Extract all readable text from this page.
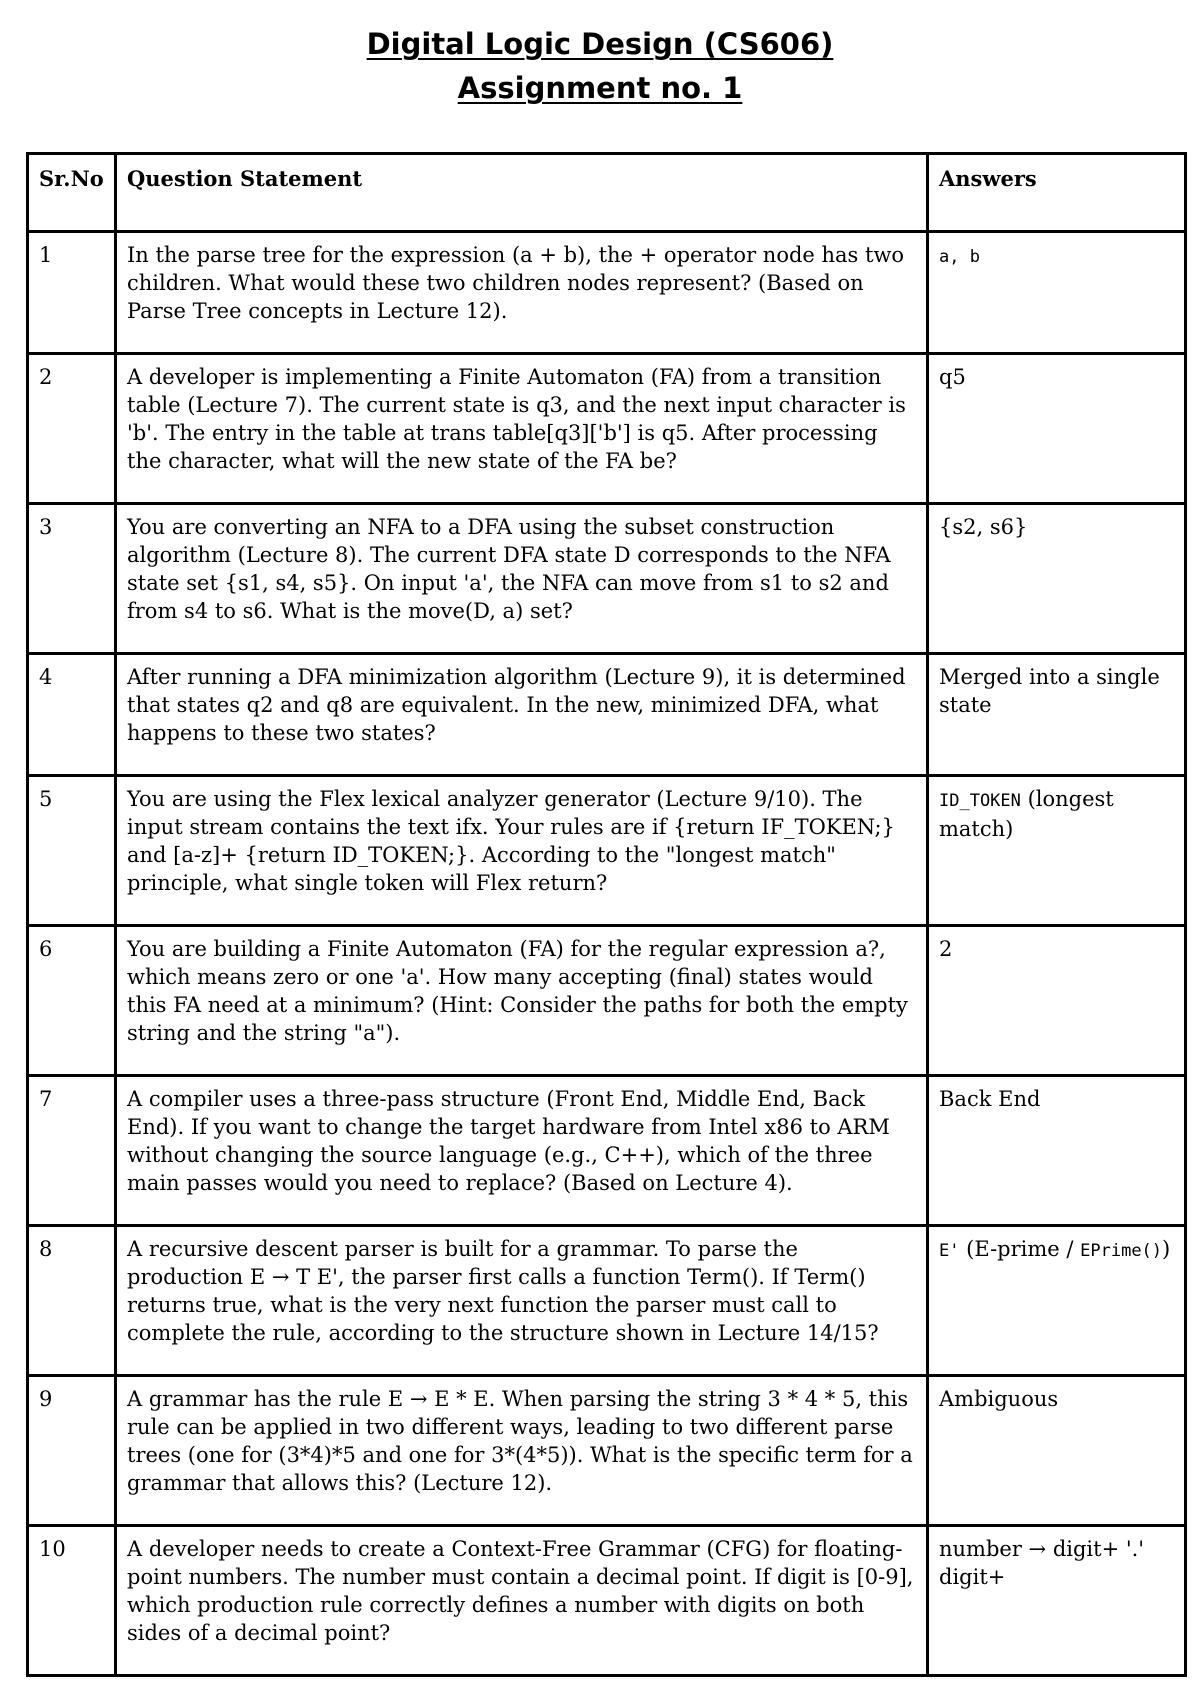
Digital Logic Design (CS606)
Assignment no. 1
Sr.No	Question Statement	Answers
1	In the parse tree for the expression (a + b), the + operator node has two children. What would these two children nodes represent? (Based on Parse Tree concepts in Lecture 12).	a, b
2	A developer is implementing a Finite Automaton (FA) from a transition table (Lecture 7). The current state is q3, and the next input character is 'b'. The entry in the table at trans table[q3]['b'] is q5. After processing the character, what will the new state of the FA be?	q5
3	You are converting an NFA to a DFA using the subset construction algorithm (Lecture 8). The current DFA state D corresponds to the NFA state set {s1, s4, s5}. On input 'a', the NFA can move from s1 to s2 and from s4 to s6. What is the move(D, a) set?	{s2, s6}
4	After running a DFA minimization algorithm (Lecture 9), it is determined that states q2 and q8 are equivalent. In the new, minimized DFA, what happens to these two states?	Merged into a single state
5	You are using the Flex lexical analyzer generator (Lecture 9/10). The input stream contains the text ifx. Your rules are if {return IF_TOKEN;} and [a-z]+ {return ID_TOKEN;}. According to the "longest match" principle, what single token will Flex return?	ID_TOKEN (longest match)
6	You are building a Finite Automaton (FA) for the regular expression a?, which means zero or one 'a'. How many accepting (final) states would this FA need at a minimum? (Hint: Consider the paths for both the empty string and the string "a").	2
7	A compiler uses a three-pass structure (Front End, Middle End, Back End). If you want to change the target hardware from Intel x86 to ARM without changing the source language (e.g., C++), which of the three main passes would you need to replace? (Based on Lecture 4).	Back End
8	A recursive descent parser is built for a grammar. To parse the production E → T E', the parser first calls a function Term(). If Term() returns true, what is the very next function the parser must call to complete the rule, according to the structure shown in Lecture 14/15?	E' (E-prime / EPrime())
9	A grammar has the rule E → E * E. When parsing the string 3 * 4 * 5, this rule can be applied in two different ways, leading to two different parse trees (one for (3*4)*5 and one for 3*(4*5)). What is the specific term for a grammar that allows this? (Lecture 12).	Ambiguous
10	A developer needs to create a Context-Free Grammar (CFG) for floating-point numbers. The number must contain a decimal point. If digit is [0-9], which production rule correctly defines a number with digits on both sides of a decimal point?	number → digit+ '.' digit+
